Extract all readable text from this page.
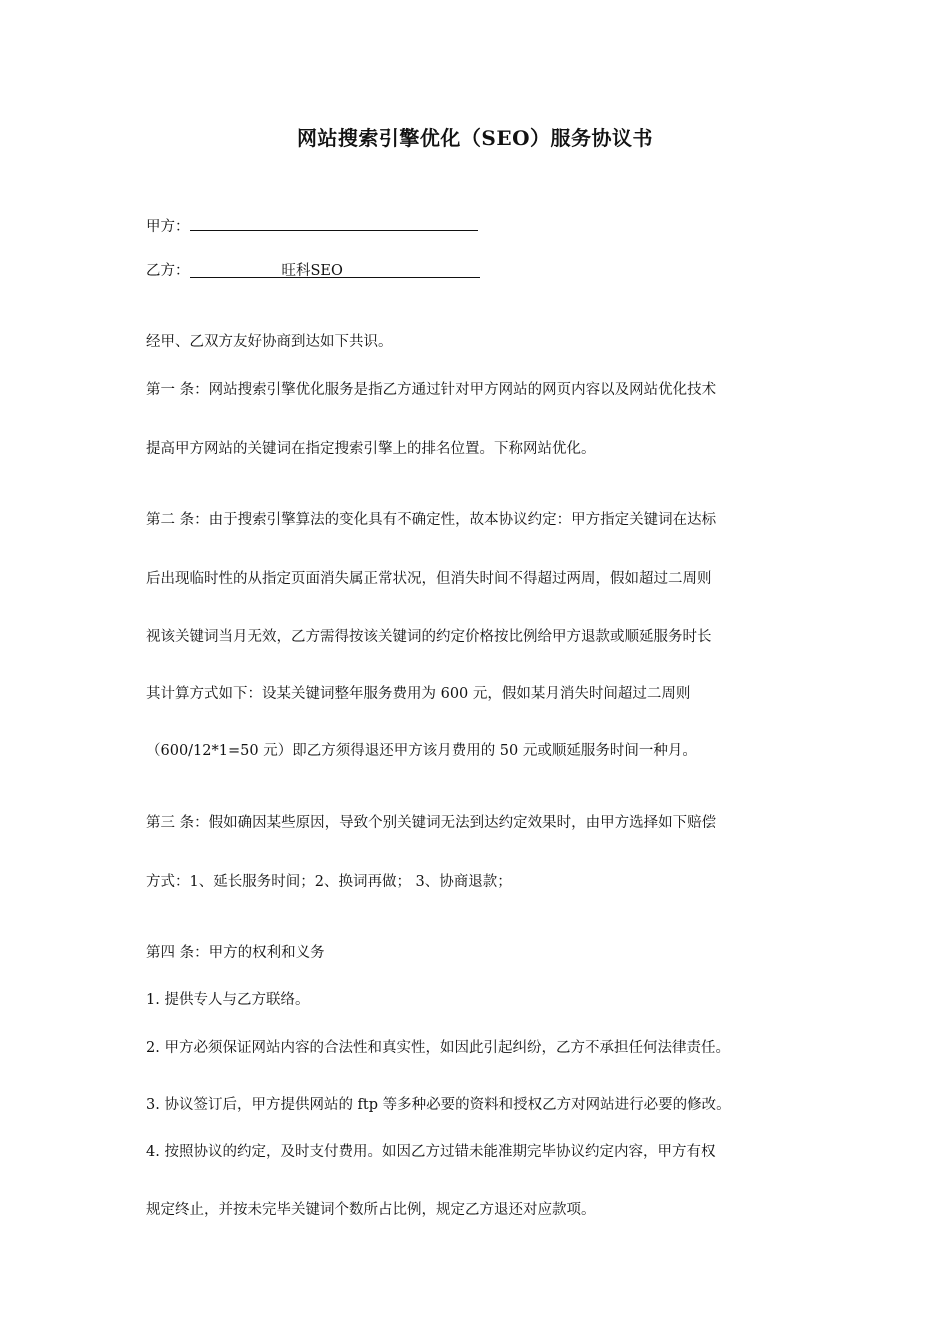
网站搜索引擎优化（SEO）服务协议书
甲方：
乙方：	旺科SEO
经甲、乙双方友好协商到达如下共识。
第一 条：网站搜索引擎优化服务是指乙方通过针对甲方网站的网页内容以及网站优化技术
提高甲方网站的关键词在指定搜索引擎上的排名位置。下称网站优化。
第二 条：由于搜索引擎算法的变化具有不确定性，故本协议约定：甲方指定关键词在达标
后出现临时性的从指定页面消失属正常状况，但消失时间不得超过两周，假如超过二周则
视该关键词当月无效，乙方需得按该关键词的约定价格按比例给甲方退款或顺延服务时长
其计算方式如下：设某关键词整年服务费用为 600 元，假如某月消失时间超过二周则
（600/12*1=50 元）即乙方须得退还甲方该月费用的 50 元或顺延服务时间一种月。
第三 条：假如确因某些原因，导致个别关键词无法到达约定效果时，由甲方选择如下赔偿
方式：1、延长服务时间；2、换词再做； 3、协商退款；
第四 条：甲方的权利和义务
1. 提供专人与乙方联络。
2. 甲方必须保证网站内容的合法性和真实性，如因此引起纠纷，乙方不承担任何法律责任。
3. 协议签订后，甲方提供网站的 ftp 等多种必要的资料和授权乙方对网站进行必要的修改。
4. 按照协议的约定，及时支付费用。如因乙方过错未能准期完毕协议约定内容，甲方有权
规定终止，并按未完毕关键词个数所占比例，规定乙方退还对应款项。
